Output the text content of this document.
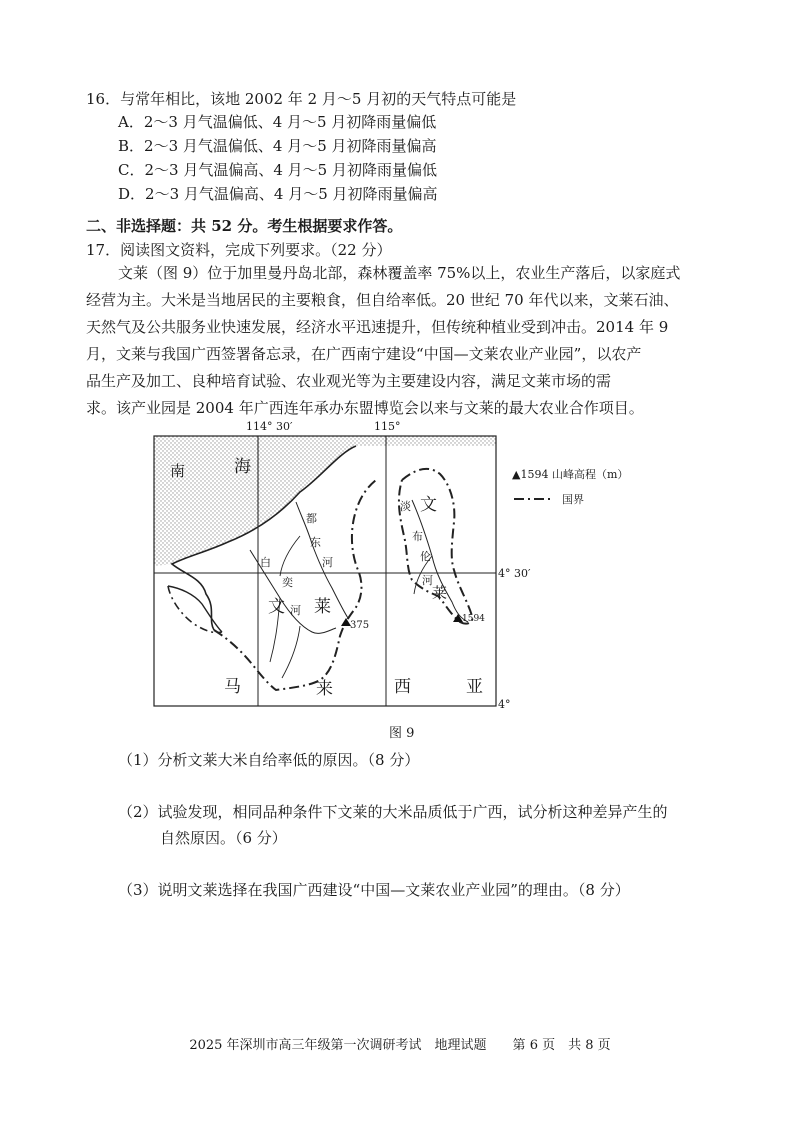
16．与常年相比，该地 2002 年 2 月～5 月初的天气特点可能是
A．2～3 月气温偏低、4 月～5 月初降雨量偏低
B．2～3 月气温偏低、4 月～5 月初降雨量偏高
C．2～3 月气温偏高、4 月～5 月初降雨量偏低
D．2～3 月气温偏高、4 月～5 月初降雨量偏高
二、非选择题：共 52 分。考生根据要求作答。
17．阅读图文资料，完成下列要求。（22 分）
文莱（图 9）位于加里曼丹岛北部，森林覆盖率 75%以上，农业生产落后，以家庭式
经营为主。大米是当地居民的主要粮食，但自给率低。20 世纪 70 年代以来，文莱石油、
天然气及公共服务业快速发展，经济水平迅速提升，但传统种植业受到冲击。2014 年 9
月，文莱与我国广西签署备忘录，在广西南宁建设“中国—文莱农业产业园”，以农产
品生产及加工、良种培育试验、农业观光等为主要建设内容，满足文莱市场的需
求。该产业园是 2004 年广西连年承办东盟博览会以来与文莱的最大农业合作项目。
375
1594
114° 30′	115°
4° 30′
4°
南	海
文 莱
马	来	西	亚
文
莱
都
东
河
白
奕
河
淡
布
伦
河
▲1594 山峰高程（m）
国界
图 9
（1）分析文莱大米自给率低的原因。（8 分）
（2）试验发现，相同品种条件下文莱的大米品质低于广西，试分析这种差异产生的
自然原因。（6 分）
（3）说明文莱选择在我国广西建设“中国—文莱农业产业园”的理由。（8 分）
2025 年深圳市高三年级第一次调研考试　地理试题　　第 6 页　共 8 页
